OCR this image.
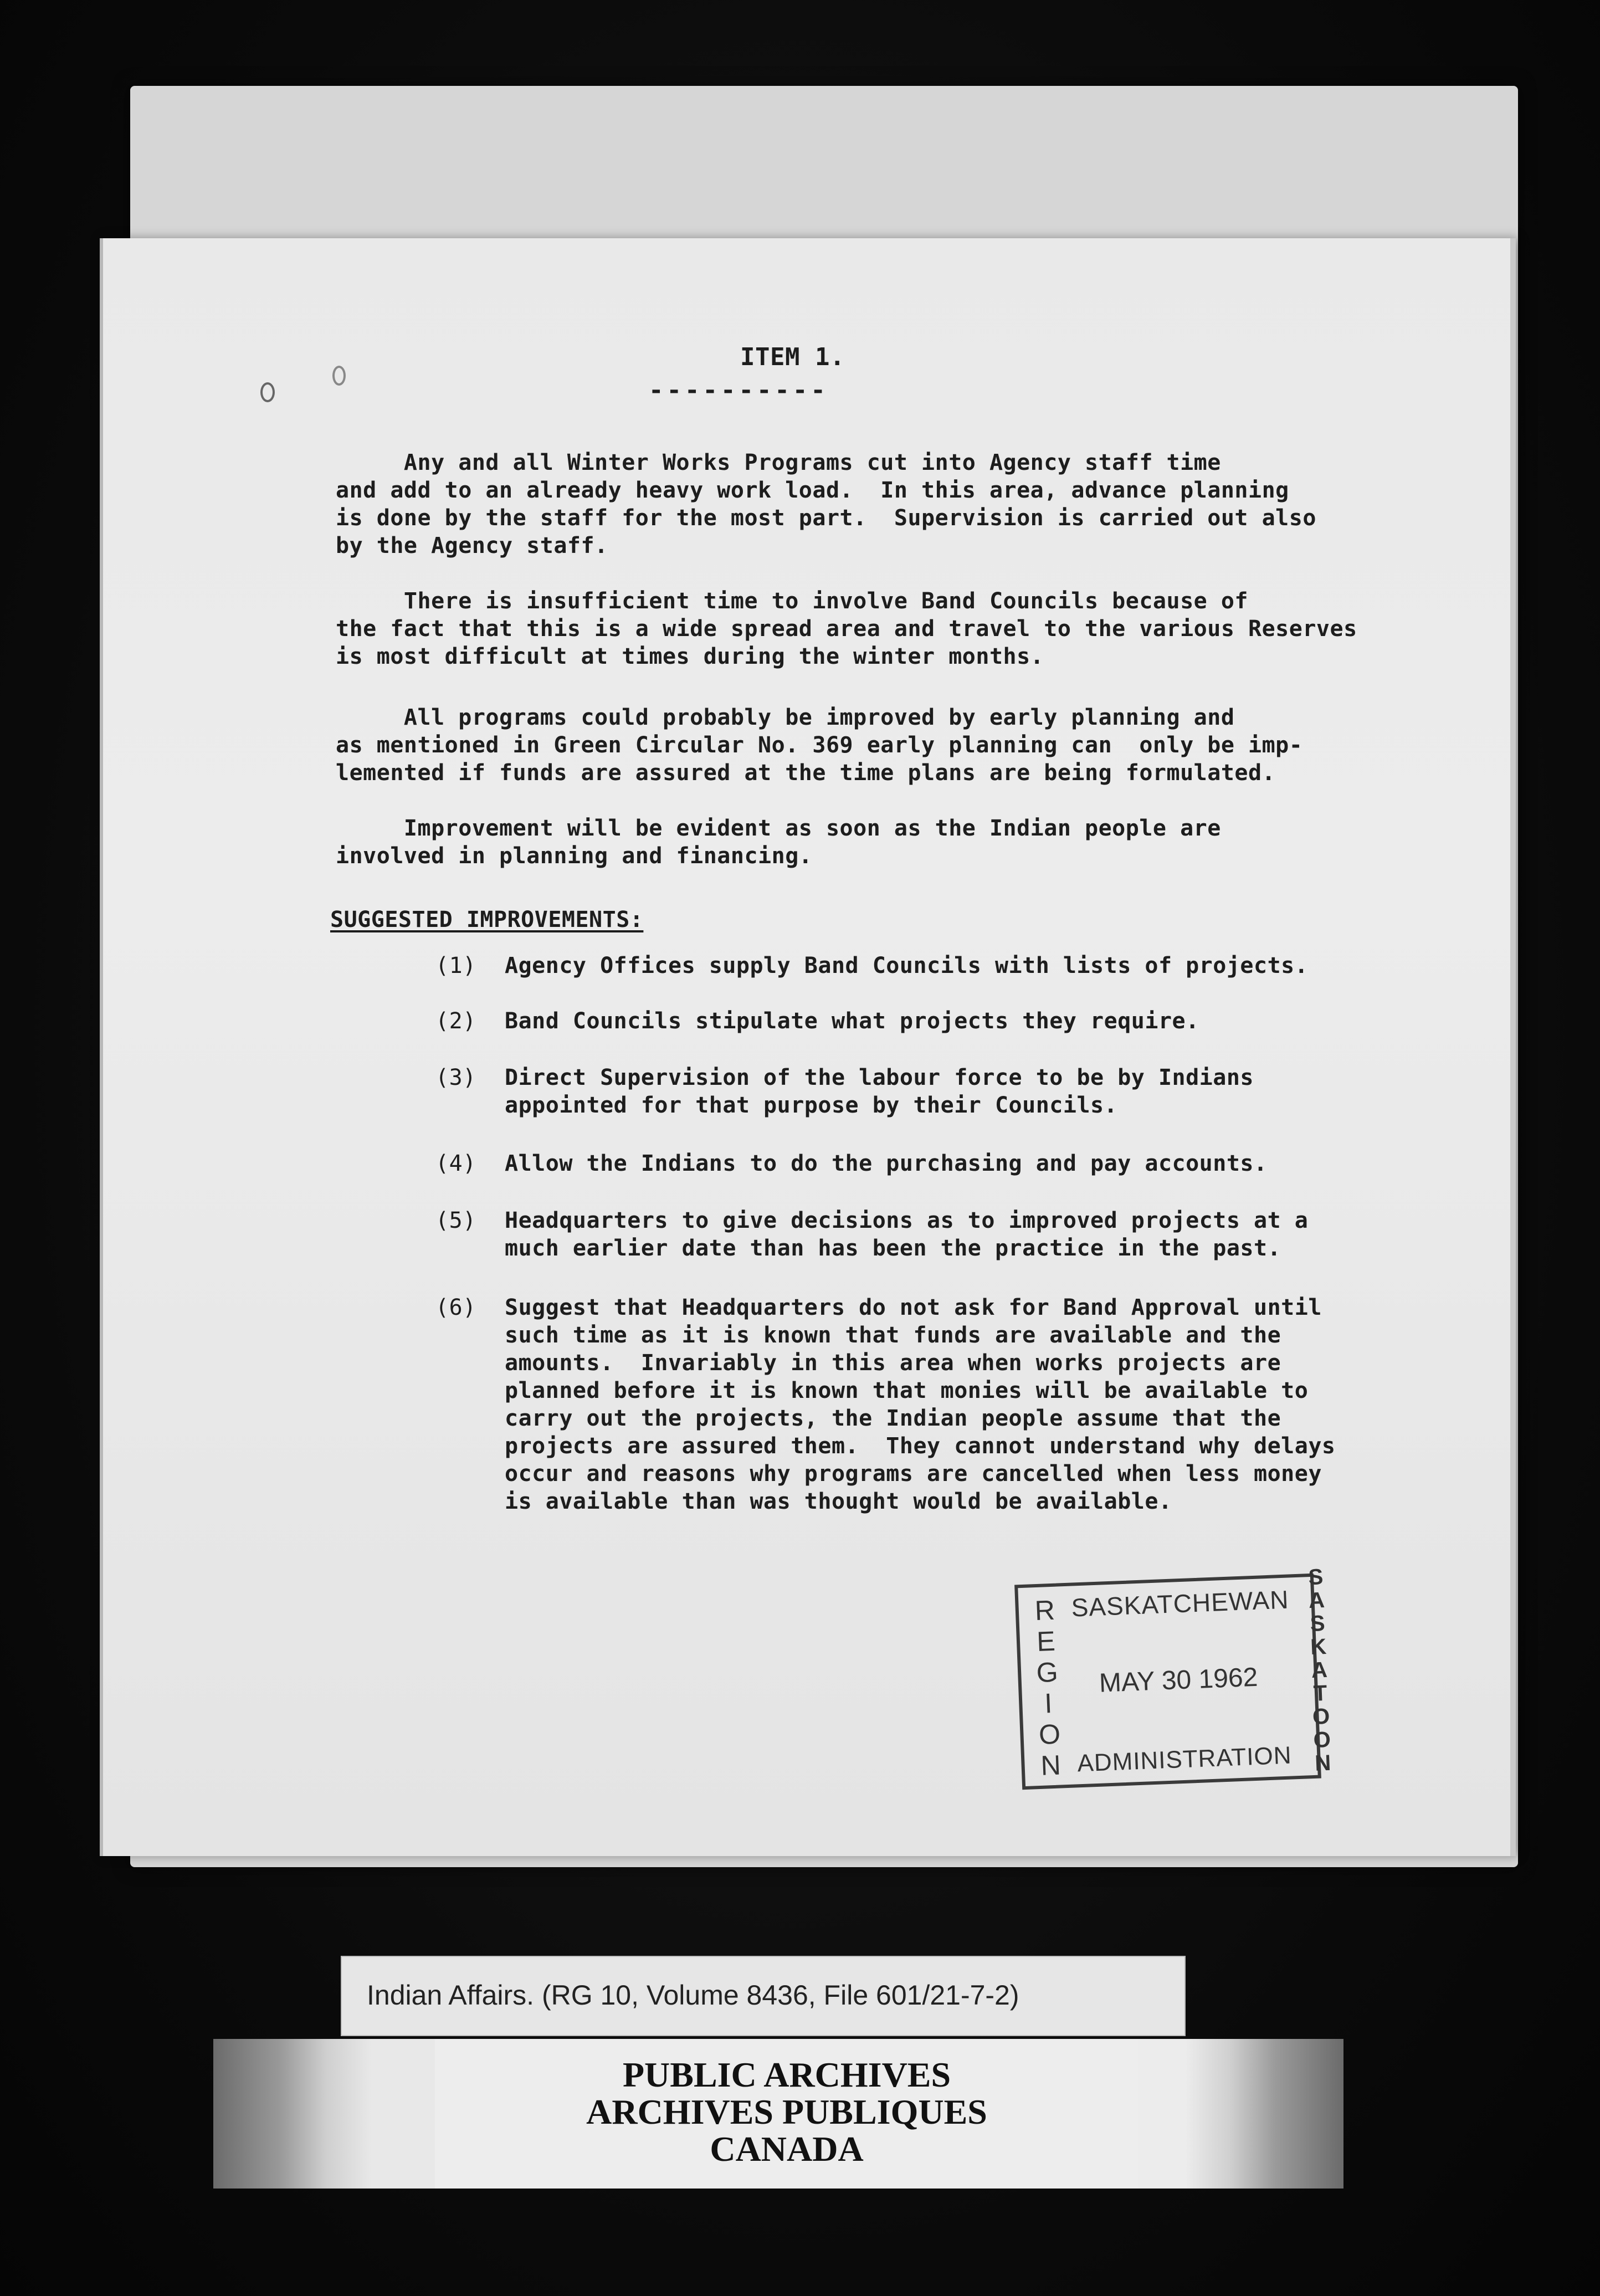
ITEM 1.
----------
Any and all Winter Works Programs cut into Agency staff time
and add to an already heavy work load.  In this area, advance planning
is done by the staff for the most part.  Supervision is carried out also
by the Agency staff.
There is insufficient time to involve Band Councils because of
the fact that this is a wide spread area and travel to the various Reserves
is most difficult at times during the winter months.
All programs could probably be improved by early planning and
as mentioned in Green Circular No. 369 early planning can  only be imp-
lemented if funds are assured at the time plans are being formulated.
Improvement will be evident as soon as the Indian people are
involved in planning and financing.
SUGGESTED IMPROVEMENTS:
(1) Agency Offices supply Band Councils with lists of projects.
(2) Band Councils stipulate what projects they require.
(3) Direct Supervision of the labour force to be by Indians
appointed for that purpose by their Councils.
(4) Allow the Indians to do the purchasing and pay accounts.
(5) Headquarters to give decisions as to improved projects at a
much earlier date than has been the practice in the past.
(6) Suggest that Headquarters do not ask for Band Approval until
such time as it is known that funds are available and the
amounts.  Invariably in this area when works projects are
planned before it is known that monies will be available to
carry out the projects, the Indian people assume that the
projects are assured them.  They cannot understand why delays
occur and reasons why programs are cancelled when less money
is available than was thought would be available.
REGION
SASKATCHEWAN
MAY 30 1962
ADMINISTRATION
SASKATOON
Indian Affairs. (RG 10, Volume 8436, File 601/21-7-2)
PUBLIC ARCHIVES
ARCHIVES PUBLIQUES
CANADA
